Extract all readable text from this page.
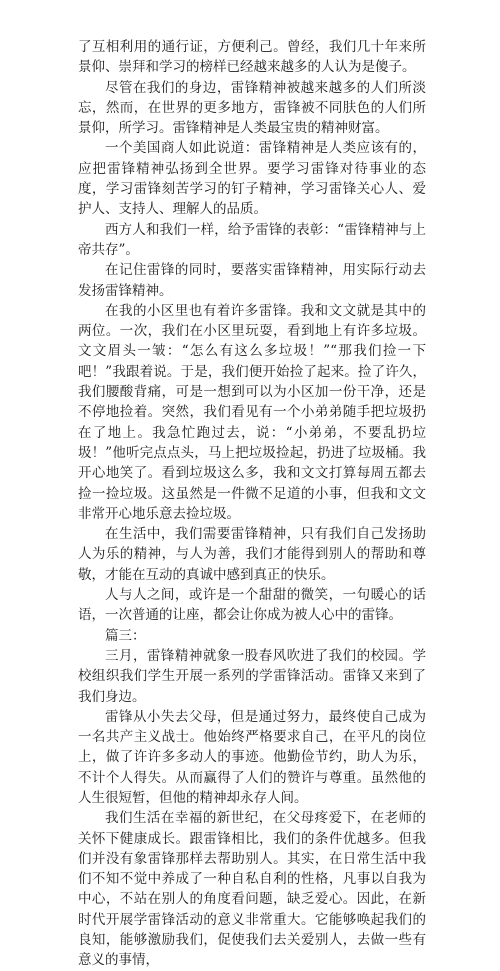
了互相利用的通行证，方便利己。曾经，我们几十年来所景仰、崇拜和学习的榜样已经越来越多的人认为是傻子。

尽管在我们的身边，雷锋精神被越来越多的人们所淡忘，然而，在世界的更多地方，雷锋被不同肤色的人们所景仰，所学习。雷锋精神是人类最宝贵的精神财富。

一个美国商人如此说道：雷锋精神是人类应该有的，应把雷锋精神弘扬到全世界。要学习雷锋对待事业的态度，学习雷锋刻苦学习的钉子精神，学习雷锋关心人、爱护人、支持人、理解人的品质。

西方人和我们一样，给予雷锋的表彰：“雷锋精神与上帝共存”。

在记住雷锋的同时，要落实雷锋精神，用实际行动去发扬雷锋精神。

在我的小区里也有着许多雷锋。我和文文就是其中的两位。一次，我们在小区里玩耍，看到地上有许多垃圾。文文眉头一皱：“怎么有这么多垃圾！”“那我们捡一下吧！”我跟着说。于是，我们便开始捡了起来。捡了许久，我们腰酸背痛，可是一想到可以为小区加一份干净，还是不停地捡着。突然，我们看见有一个小弟弟随手把垃圾扔在了地上。我急忙跑过去，说：“小弟弟，不要乱扔垃圾！”他听完点点头，马上把垃圾捡起，扔进了垃圾桶。我开心地笑了。看到垃圾这么多，我和文文打算每周五都去捡一捡垃圾。这虽然是一件微不足道的小事，但我和文文非常开心地乐意去捡垃圾。

在生活中，我们需要雷锋精神，只有我们自己发扬助人为乐的精神，与人为善，我们才能得到别人的帮助和尊敬，才能在互动的真诚中感到真正的快乐。

人与人之间，或许是一个甜甜的微笑，一句暖心的话语，一次普通的让座，都会让你成为被人心中的雷锋。

篇三：

三月，雷锋精神就象一股春风吹进了我们的校园。学校组织我们学生开展一系列的学雷锋活动。雷锋又来到了我们身边。

雷锋从小失去父母，但是通过努力，最终使自己成为一名共产主义战士。他始终严格要求自己，在平凡的岗位上，做了许许多多动人的事迹。他勤俭节约，助人为乐，不计个人得失。从而赢得了人们的赞许与尊重。虽然他的人生很短暂，但他的精神却永存人间。

我们生活在幸福的新世纪，在父母疼爱下，在老师的关怀下健康成长。跟雷锋相比，我们的条件优越多。但我们并没有象雷锋那样去帮助别人。其实，在日常生活中我们不知不觉中养成了一种自私自利的性格，凡事以自我为中心，不站在别人的角度看问题，缺乏爱心。因此，在新时代开展学雷锋活动的意义非常重大。它能够唤起我们的良知，能够激励我们，促使我们去关爱别人，去做一些有意义的事情，
